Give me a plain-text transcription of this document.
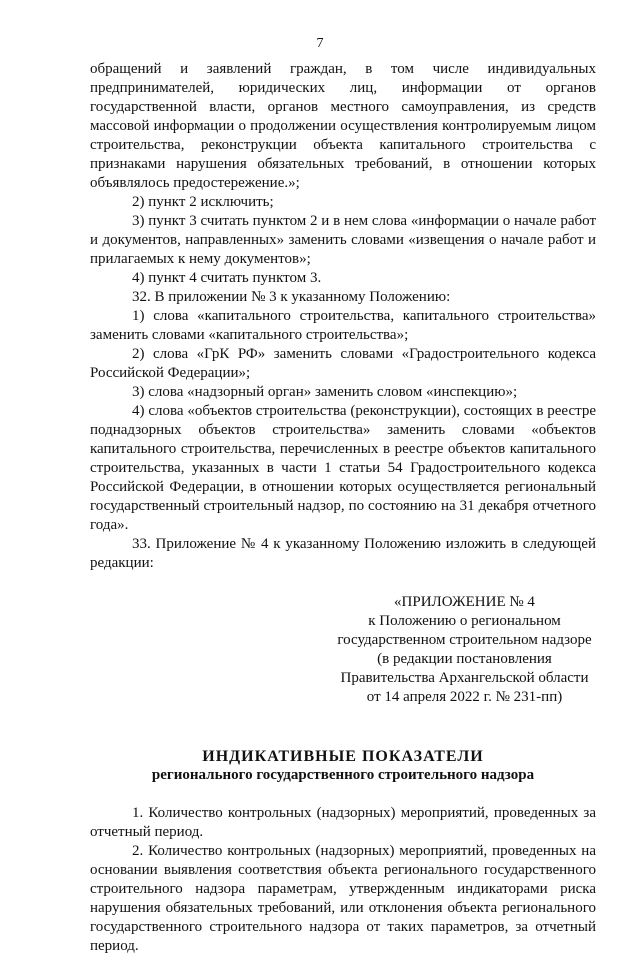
7

обращений и заявлений граждан, в том числе индивидуальных предпринимателей, юридических лиц, информации от органов государственной власти, органов местного самоуправления, из средств массовой информации о продолжении осуществления контролируемым лицом строительства, реконструкции объекта капитального строительства с признаками нарушения обязательных требований, в отношении которых объявлялось предостережение.»;

2) пункт 2 исключить;

3) пункт 3 считать пунктом 2 и в нем слова «информации о начале работ и документов, направленных» заменить словами «извещения о начале работ и прилагаемых к нему документов»;

4) пункт 4 считать пунктом 3.

32. В приложении № 3 к указанному Положению:

1) слова «капитального строительства, капитального строительства» заменить словами «капитального строительства»;

2) слова «ГрК РФ» заменить словами «Градостроительного кодекса Российской Федерации»;

3) слова «надзорный орган» заменить словом «инспекцию»;

4) слова «объектов строительства (реконструкции), состоящих в реестре поднадзорных объектов строительства» заменить словами «объектов капитального строительства, перечисленных в реестре объектов капитального строительства, указанных в части 1 статьи 54 Градостроительного кодекса Российской Федерации, в отношении которых осуществляется региональный государственный строительный надзор, по состоянию на 31 декабря отчетного года».

33. Приложение № 4 к указанному Положению изложить в следующей редакции:

«ПРИЛОЖЕНИЕ № 4
к Положению о региональном
государственном строительном надзоре
(в редакции постановления
Правительства Архангельской области
от 14 апреля 2022 г. № 231-пп)
ИНДИКАТИВНЫЕ ПОКАЗАТЕЛИ
регионального государственного строительного надзора

1. Количество контрольных (надзорных) мероприятий, проведенных за отчетный период.

2. Количество контрольных (надзорных) мероприятий, проведенных на основании выявления соответствия объекта регионального государственного строительного надзора параметрам, утвержденным индикаторами риска нарушения обязательных требований, или отклонения объекта регионального государственного строительного надзора от таких параметров, за отчетный период.
